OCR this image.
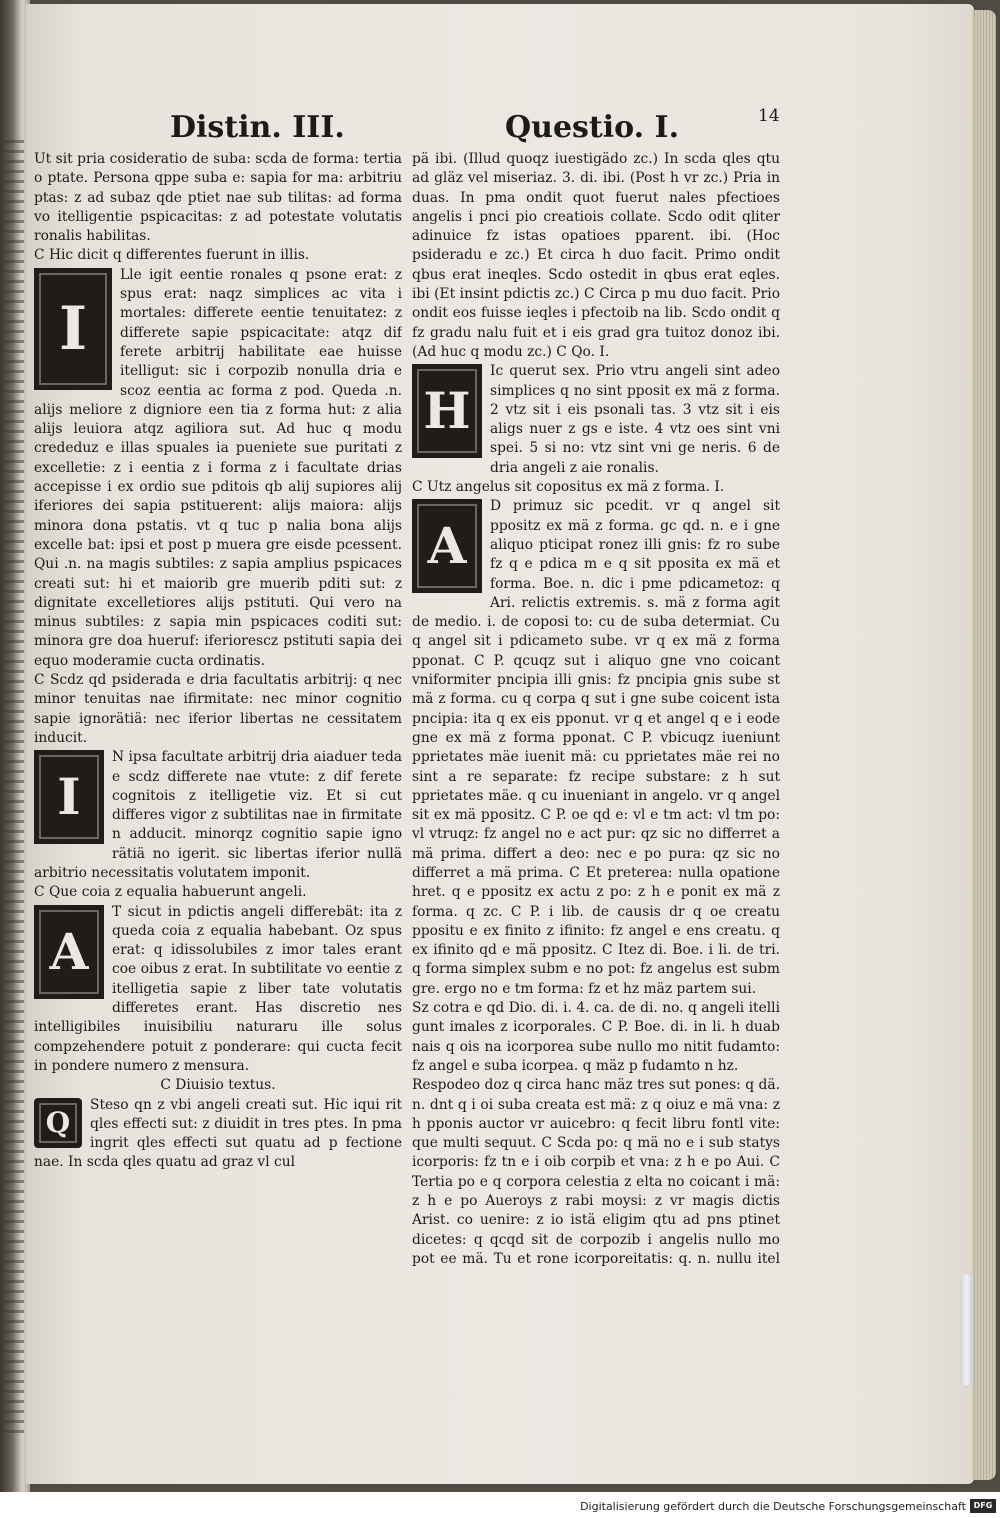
Distin. III.	Questio. I.	14

Ut sit pria cosideratio de suba: scda de forma: tertia o ptate. Persona qppe suba e: sapia for ma: arbitriu ptas: z ad subaz qde ptiet nae sub tilitas: ad forma vo itelligentie pspicacitas: z ad potestate volutatis ronalis habilitas.

C Hic dicit q differentes fuerunt in illis.

I
Lle igit eentie ronales q psone erat: z spus erat: naqz simplices ac vita i mortales: differete eentie tenuitatez: z differete sapie pspicacitate: atqz dif ferete arbitrij habilitate eae huisse itelligut: sic i corpozib nonulla dria e scoz eentia ac forma z pod. Queda .n. alijs meliore z digniore een tia z forma hut: z alia alijs leuiora atqz agiliora sut. Ad huc q modu crededuz e illas spuales ia pueniete sue puritati z excelletie: z i eentia z i forma z i facultate drias accepisse i ex ordio sue pditois qb alij supiores alij iferiores dei sapia pstituerent: alijs maiora: alijs minora dona pstatis. vt q tuc p nalia bona alijs excelle bat: ipsi et post p muera gre eisde pcessent. Qui .n. na magis subtiles: z sapia amplius pspicaces creati sut: hi et maiorib gre muerib pditi sut: z dignitate excelletiores alijs pstituti. Qui vero na minus subtiles: z sapia min pspicaces coditi sut: minora gre doa hueruf: iferiorescz pstituti sapia dei equo moderamie cucta ordinatis.

C Scdz qd psiderada e dria facultatis arbitrij: q nec minor tenuitas nae ifirmitate: nec minor cognitio sapie ignorätiä: nec iferior libertas ne cessitatem inducit.

I
N ipsa facultate arbitrij dria aiaduer teda e scdz differete nae vtute: z dif ferete cognitois z itelligetie viz. Et si cut differes vigor z subtilitas nae in firmitate n adducit. minorqz cognitio sapie igno rätiä no igerit. sic libertas iferior nullä arbitrio necessitatis volutatem imponit.

C Que coia z equalia habuerunt angeli.

A
T sicut in pdictis angeli differebät: ita z queda coia z equalia habebant. Oz spus erat: q idissolubiles z imor tales erant coe oibus z erat. In subtilitate vo eentie z itelligetia sapie z liber tate volutatis differetes erant. Has discretio nes intelligibiles inuisibiliu naturaru ille solus compzehendere potuit z ponderare: qui cucta fecit in pondere numero z mensura.

C Diuisio textus.

Q
Steso qn z vbi angeli creati sut. Hic iqui rit qles effecti sut: z diuidit in tres ptes. In pma ingrit qles effecti sut quatu ad p fectione nae. In scda qles quatu ad graz vl cul

pä ibi. (Illud quoqz iuestigädo zc.) In scda qles qtu ad gläz vel miseriaz. 3. di. ibi. (Post h vr zc.) Pria in duas. In pma ondit quot fuerut nales pfectioes angelis i pnci pio creatiois collate. Scdo odit qliter adinuice fz istas opatioes pparent. ibi. (Hoc psideradu e zc.) Et circa h duo facit. Primo ondit qbus erat ineqles. Scdo ostedit in qbus erat eqles. ibi (Et insint pdictis zc.) C Circa p mu duo facit. Prio ondit eos fuisse ieqles i pfectoib na lib. Scdo ondit q fz gradu nalu fuit et i eis grad gra tuitoz donoz ibi. (Ad huc q modu zc.) C Qo. I.

H
Ic querut sex. Prio vtru angeli sint adeo simplices q no sint pposit ex mä z forma. 2 vtz sit i eis psonali tas. 3 vtz sit i eis aligs nuer z gs e iste. 4 vtz oes sint vni spei. 5 si no: vtz sint vni ge neris. 6 de dria angeli z aie ronalis.

C Utz angelus sit copositus ex mä z forma. I.

A
D primuz sic pcedit. vr q angel sit ppositz ex mä z forma. gc qd. n. e i gne aliquo pticipat ronez illi gnis: fz ro sube fz q e pdica m e q sit pposita ex mä et forma. Boe. n. dic i pme pdicametoz: q Ari. relictis extremis. s. mä z forma agit de medio. i. de coposi to: cu de suba determiat. Cu q angel sit i pdicameto sube. vr q ex mä z forma pponat. C P. qcuqz sut i aliquo gne vno coicant vniformiter pncipia illi gnis: fz pncipia gnis sube st mä z forma. cu q corpa q sut i gne sube coicent ista pncipia: ita q ex eis pponut. vr q et angel q e i eode gne ex mä z forma pponat. C P. vbicuqz iueniunt pprietates mäe iuenit mä: cu pprietates mäe rei no sint a re separate: fz recipe substare: z h sut pprietates mäe. q cu inueniant in angelo. vr q angel sit ex mä ppositz. C P. oe qd e: vl e tm act: vl tm po: vl vtruqz: fz angel no e act pur: qz sic no differret a mä prima. differt a deo: nec e po pura: qz sic no differret a mä prima. C Et preterea: nulla opatione hret. q e ppositz ex actu z po: z h e ponit ex mä z forma. q zc. C P. i lib. de causis dr q oe creatu ppositu e ex finito z ifinito: fz angel e ens creatu. q ex ifinito qd e mä ppositz. C Itez di. Boe. i li. de tri. q forma simplex subm e no pot: fz angelus est subm gre. ergo no e tm forma: fz et hz mäz partem sui.

Sz cotra e qd Dio. di. i. 4. ca. de di. no. q angeli itelli gunt imales z icorporales. C P. Boe. di. in li. h duab nais q ois na icorporea sube nullo mo nitit fudamto: fz angel e suba icorpea. q mäz p fudamto n hz.

Respodeo doz q circa hanc mäz tres sut pones: q dä. n. dnt q i oi suba creata est mä: z q oiuz e mä vna: z h pponis auctor vr auicebro: q fecit libru fontl vite: que multi sequut. C Scda po: q mä no e i sub statys icorporis: fz tn e i oib corpib et vna: z h e po Aui. C Tertia po e q corpora celestia z elta no coicant i mä: z h e po Aueroys z rabi moysi: z vr magis dictis Arist. co uenire: z io istä eligim qtu ad pns ptinet dicetes: q qcqd sit de corpozib i angelis nullo mo pot ee mä. Tu et rone icorporeitatis: q. n. nullu itel

Digitalisierung gefördert durch die Deutsche Forschungsgemeinschaft DFG
